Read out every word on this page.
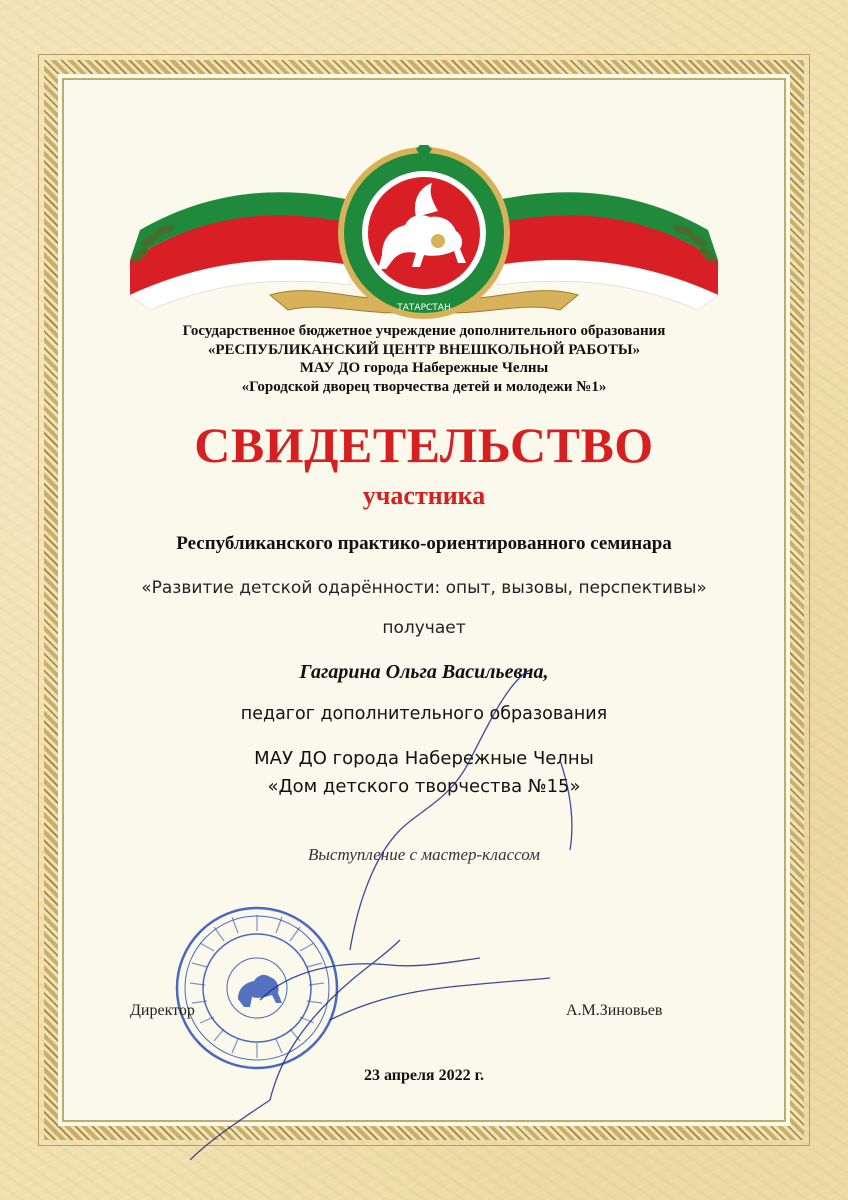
ТАТАРСТАН
Государственное бюджетное учреждение дополнительного образования
«РЕСПУБЛИКАНСКИЙ ЦЕНТР ВНЕШКОЛЬНОЙ РАБОТЫ»
МАУ ДО города Набережные Челны
«Городской дворец творчества детей и молодежи №1»
СВИДЕТЕЛЬСТВО
участника
Республиканского практико-ориентированного семинара
«Развитие детской одарённости: опыт, вызовы, перспективы»
получает
Гагарина Ольга Васильевна,
педагог дополнительного образования
МАУ ДО города Набережные Челны
«Дом детского творчества №15»
Выступление с мастер-классом
Директор	А.М.Зиновьев
23 апреля 2022 г.
